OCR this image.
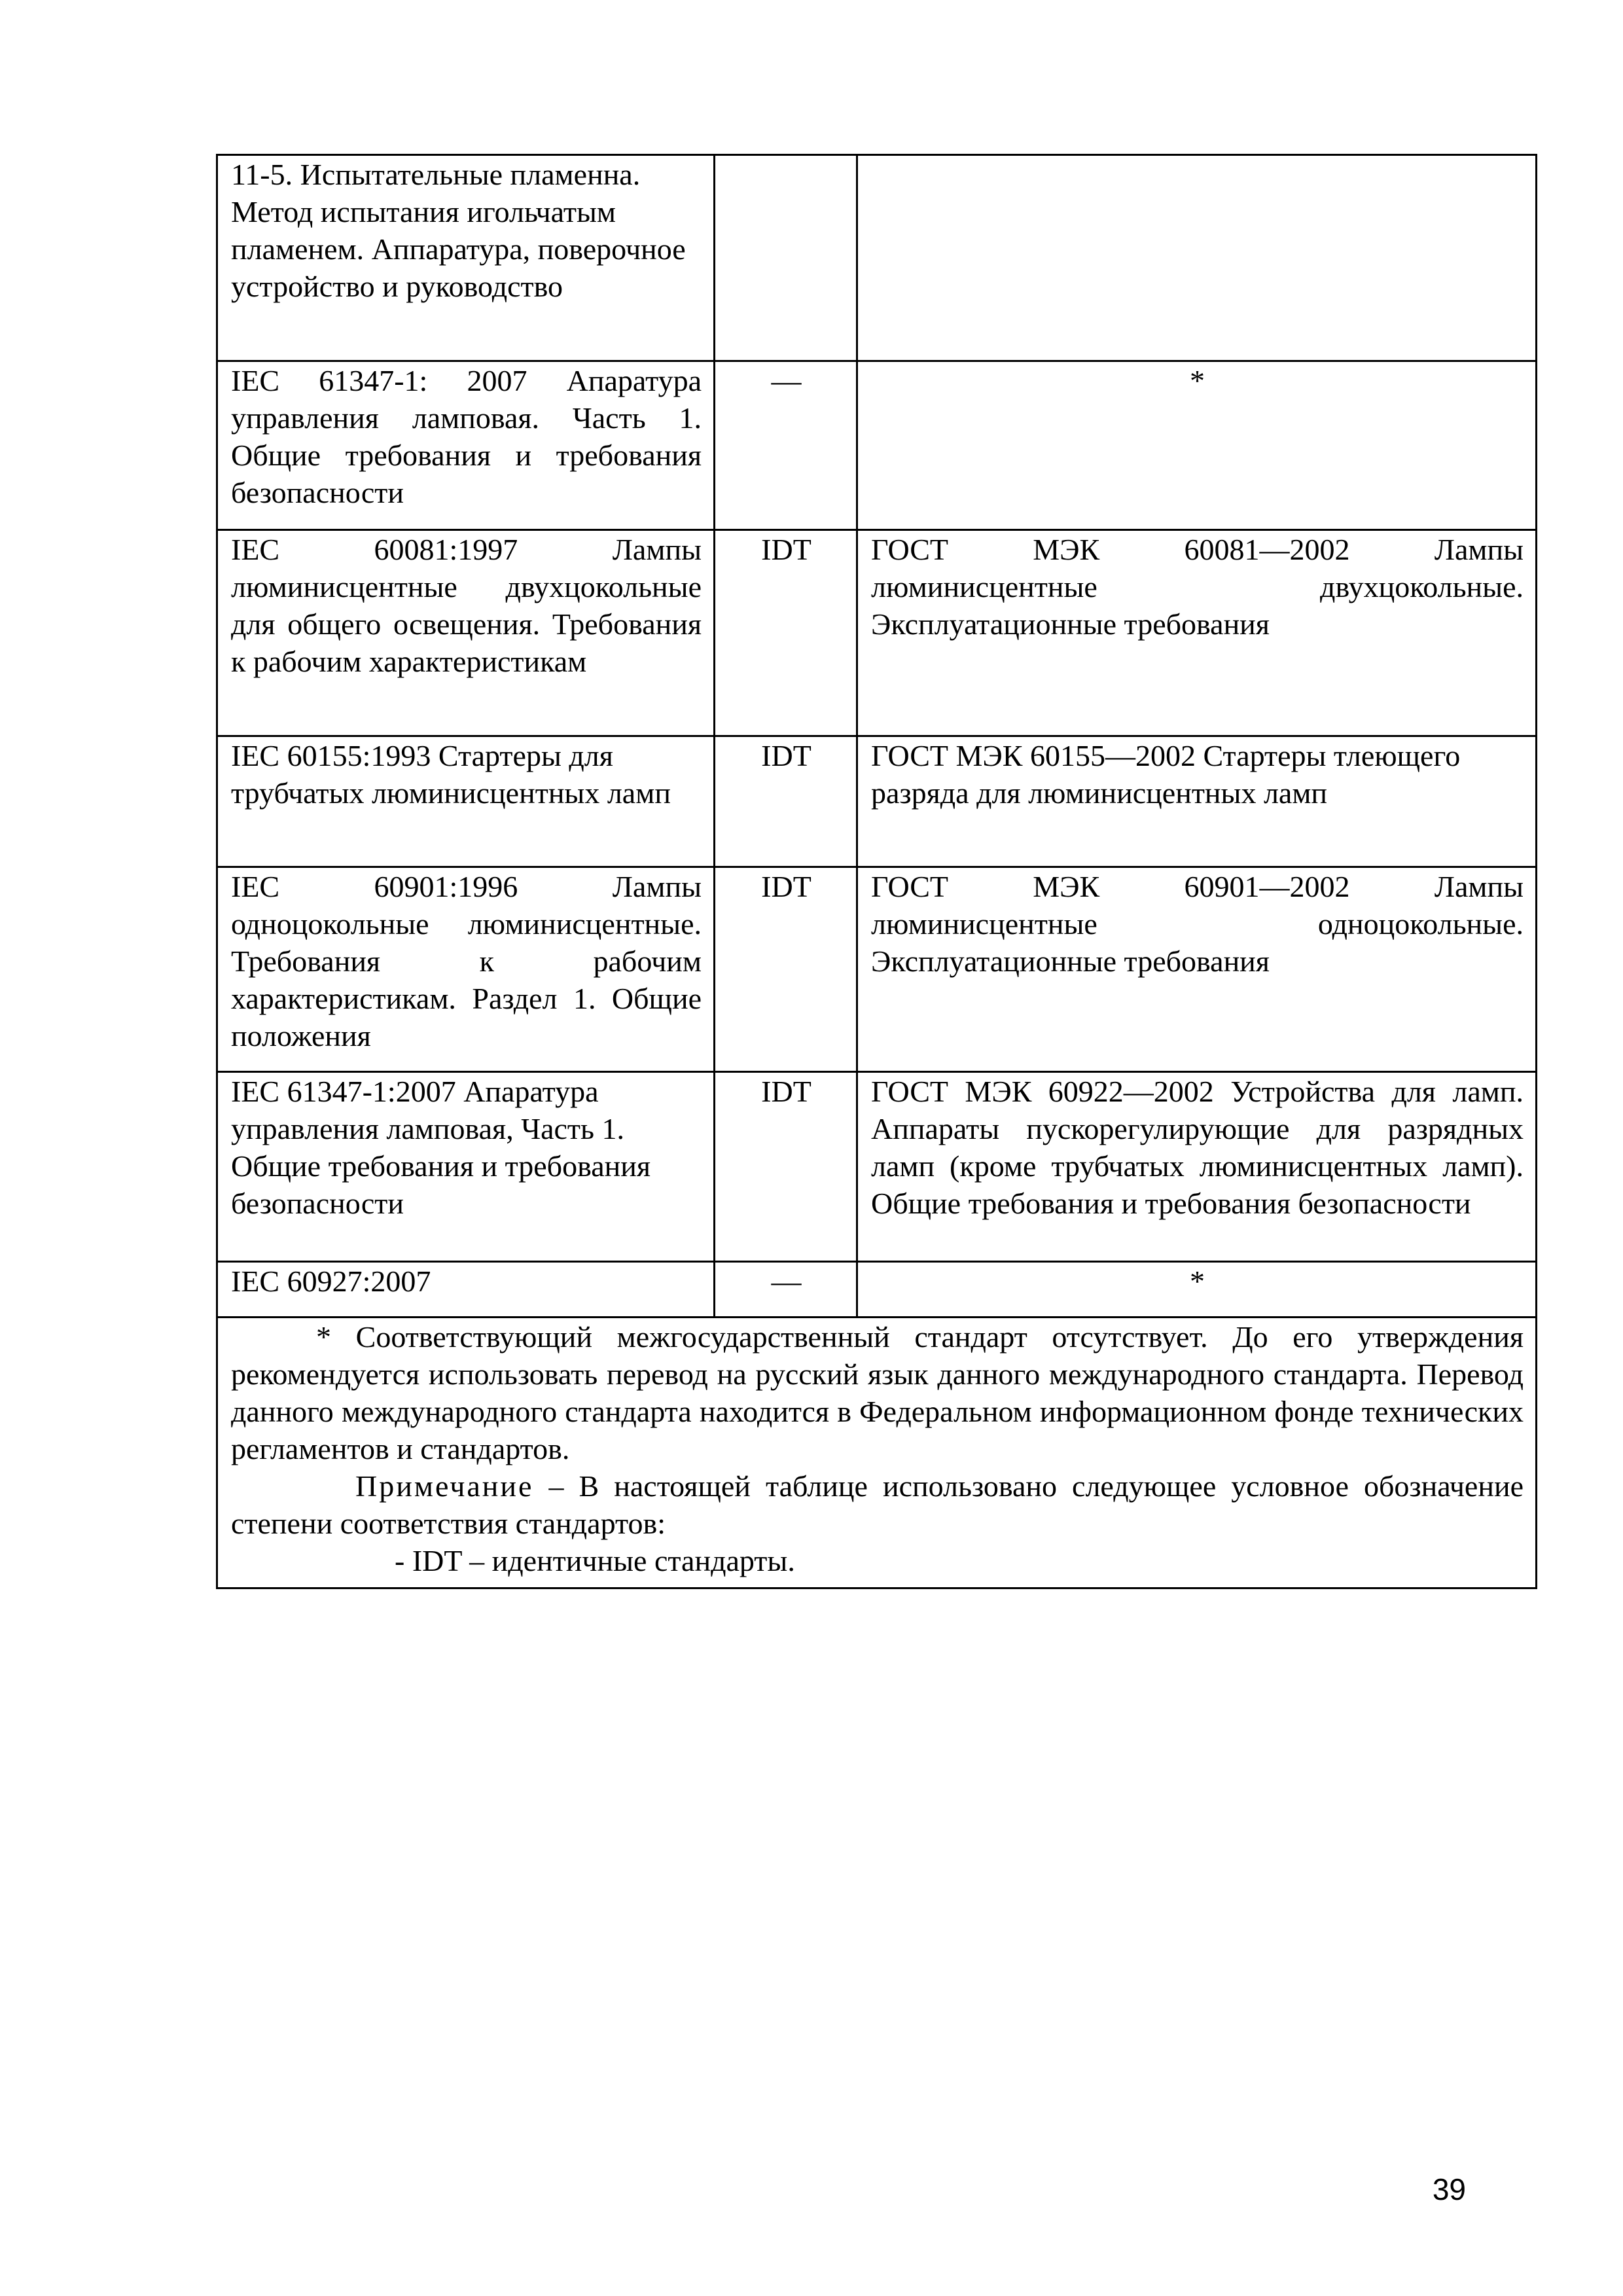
11-5. Испытательные пламенна. Метод испытания игольчатым пламенем. Аппаратура, поверочное устройство и руководство		
IEC 61347-1: 2007 Апаратура управления ламповая. Часть 1. Общие требования и требования безопасности	—	*
IEC 60081:1997 Лампы люминисцентные двухцокольные для общего освещения. Требования к рабочим характеристикам	IDT	ГОСТ МЭК 60081—2002 Лампы люминисцентные двухцокольные. Эксплуатационные требования
IEC 60155:1993 Стартеры для трубчатых люминисцентных ламп	IDT	ГОСТ МЭК 60155—2002 Стартеры тлеющего разряда для люминисцентных ламп
IEC 60901:1996 Лампы одноцокольные люминисцентные. Требования к рабочим характеристикам. Раздел 1. Общие положения	IDT	ГОСТ МЭК 60901—2002 Лампы люминисцентные одноцокольные. Эксплуатационные требования
IEC 61347-1:2007 Апаратура управления ламповая, Часть 1. Общие требования и требования безопасности	IDT	ГОСТ МЭК 60922—2002 Устройства для ламп. Аппараты пускорегулирующие для разрядных ламп (кроме трубчатых люминисцентных ламп). Общие требования и требования безопасности
IEC 60927:2007	—	*

* Соответствующий межгосударственный стандарт отсутствует. До его утверждения рекомендуется использовать перевод на русский язык данного международного стандарта. Перевод данного международного стандарта находится в Федеральном информационном фонде технических регламентов и стандартов.

Примечание – В настоящей таблице использовано следующее условное обозначение степени соответствия стандартов:

- IDT – идентичные стандарты.		

39
